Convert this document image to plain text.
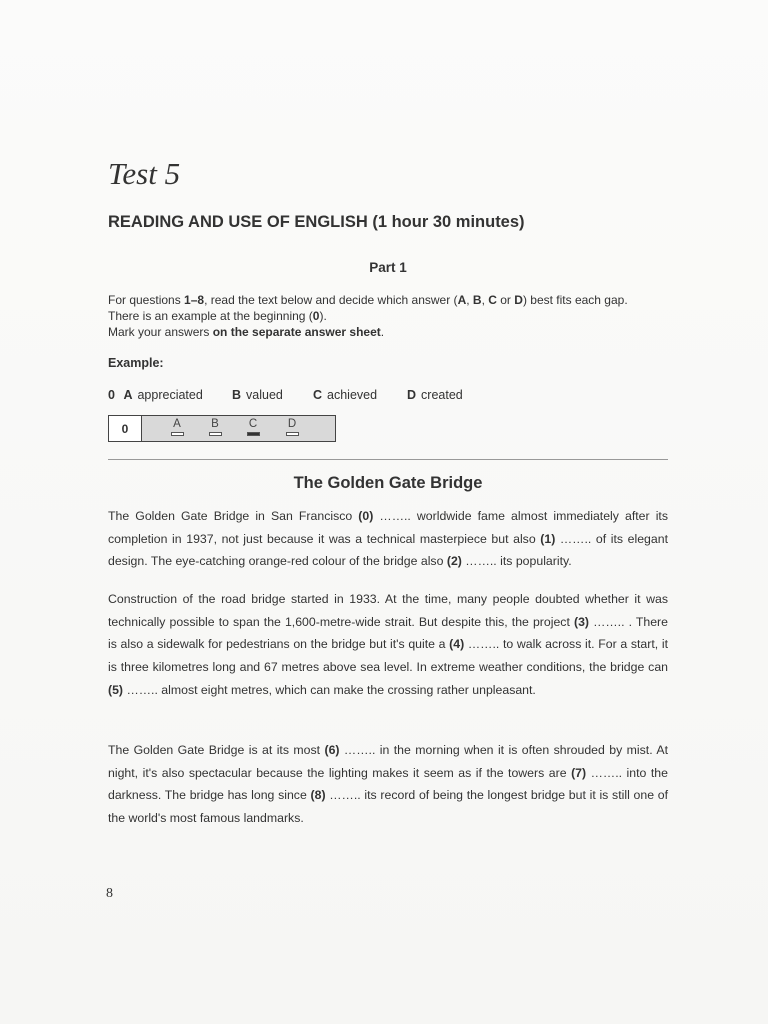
Test 5
READING AND USE OF ENGLISH (1 hour 30 minutes)
Part 1

For questions 1–8, read the text below and decide which answer (A, B, C or D) best fits each gap.

There is an example at the beginning (0).

Mark your answers on the separate answer sheet.

Example:
0 A appreciated B valued C achieved D created
0	A	B	C	D
The Golden Gate Bridge

The Golden Gate Bridge in San Francisco (0) …….. worldwide fame almost immediately after its completion in 1937, not just because it was a technical masterpiece but also (1) …….. of its elegant design. The eye-catching orange-red colour of the bridge also (2) …….. its popularity.

Construction of the road bridge started in 1933. At the time, many people doubted whether it was technically possible to span the 1,600-metre-wide strait. But despite this, the project (3) …….. . There is also a sidewalk for pedestrians on the bridge but it's quite a (4) …….. to walk across it. For a start, it is three kilometres long and 67 metres above sea level. In extreme weather conditions, the bridge can (5) …….. almost eight metres, which can make the crossing rather unpleasant.

The Golden Gate Bridge is at its most (6) …….. in the morning when it is often shrouded by mist. At night, it's also spectacular because the lighting makes it seem as if the towers are (7) …….. into the darkness. The bridge has long since (8) …….. its record of being the longest bridge but it is still one of the world's most famous landmarks.

8
